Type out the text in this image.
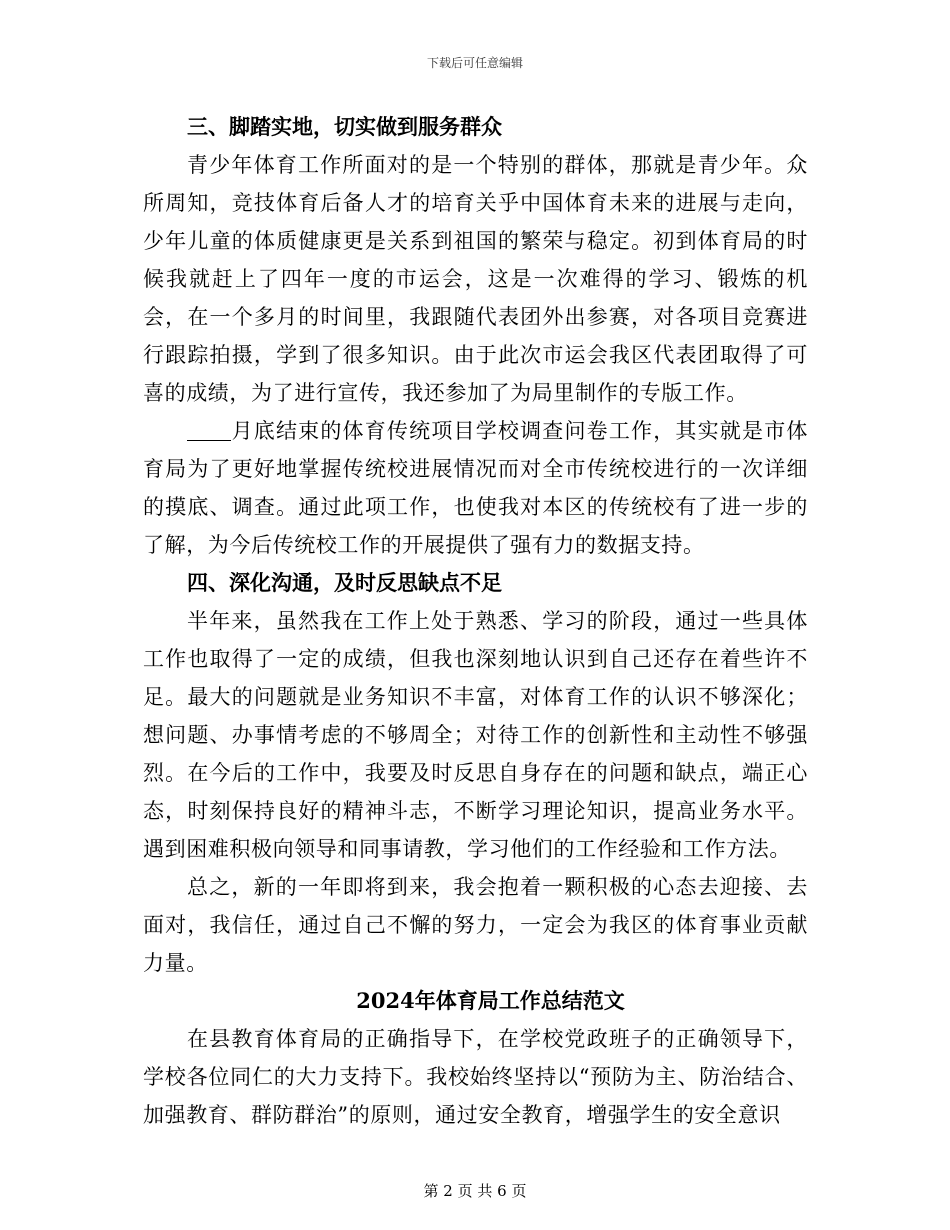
下载后可任意编辑
三、脚踏实地，切实做到服务群众

青少年体育工作所面对的是一个特别的群体，那就是青少年。众所周知，竞技体育后备人才的培育关乎中国体育未来的进展与走向，少年儿童的体质健康更是关系到祖国的繁荣与稳定。初到体育局的时候我就赶上了四年一度的市运会，这是一次难得的学习、锻炼的机会，在一个多月的时间里，我跟随代表团外出参赛，对各项目竞赛进行跟踪拍摄，学到了很多知识。由于此次市运会我区代表团取得了可喜的成绩，为了进行宣传，我还参加了为局里制作的专版工作。

月底结束的体育传统项目学校调查问卷工作，其实就是市体育局为了更好地掌握传统校进展情况而对全市传统校进行的一次详细的摸底、调查。通过此项工作，也使我对本区的传统校有了进一步的了解，为今后传统校工作的开展提供了强有力的数据支持。

四、深化沟通，及时反思缺点不足

半年来，虽然我在工作上处于熟悉、学习的阶段，通过一些具体工作也取得了一定的成绩，但我也深刻地认识到自己还存在着些许不足。最大的问题就是业务知识不丰富，对体育工作的认识不够深化；想问题、办事情考虑的不够周全；对待工作的创新性和主动性不够强烈。在今后的工作中，我要及时反思自身存在的问题和缺点，端正心态，时刻保持良好的精神斗志，不断学习理论知识，提高业务水平。遇到困难积极向领导和同事请教，学习他们的工作经验和工作方法。

总之，新的一年即将到来，我会抱着一颗积极的心态去迎接、去面对，我信任，通过自己不懈的努力，一定会为我区的体育事业贡献力量。

2024年体育局工作总结范文

在县教育体育局的正确指导下，在学校党政班子的正确领导下，学校各位同仁的大力支持下。我校始终坚持以“预防为主、防治结合、加强教育、群防群治”的原则，通过安全教育，增强学生的安全意识

第 2 页 共 6 页
